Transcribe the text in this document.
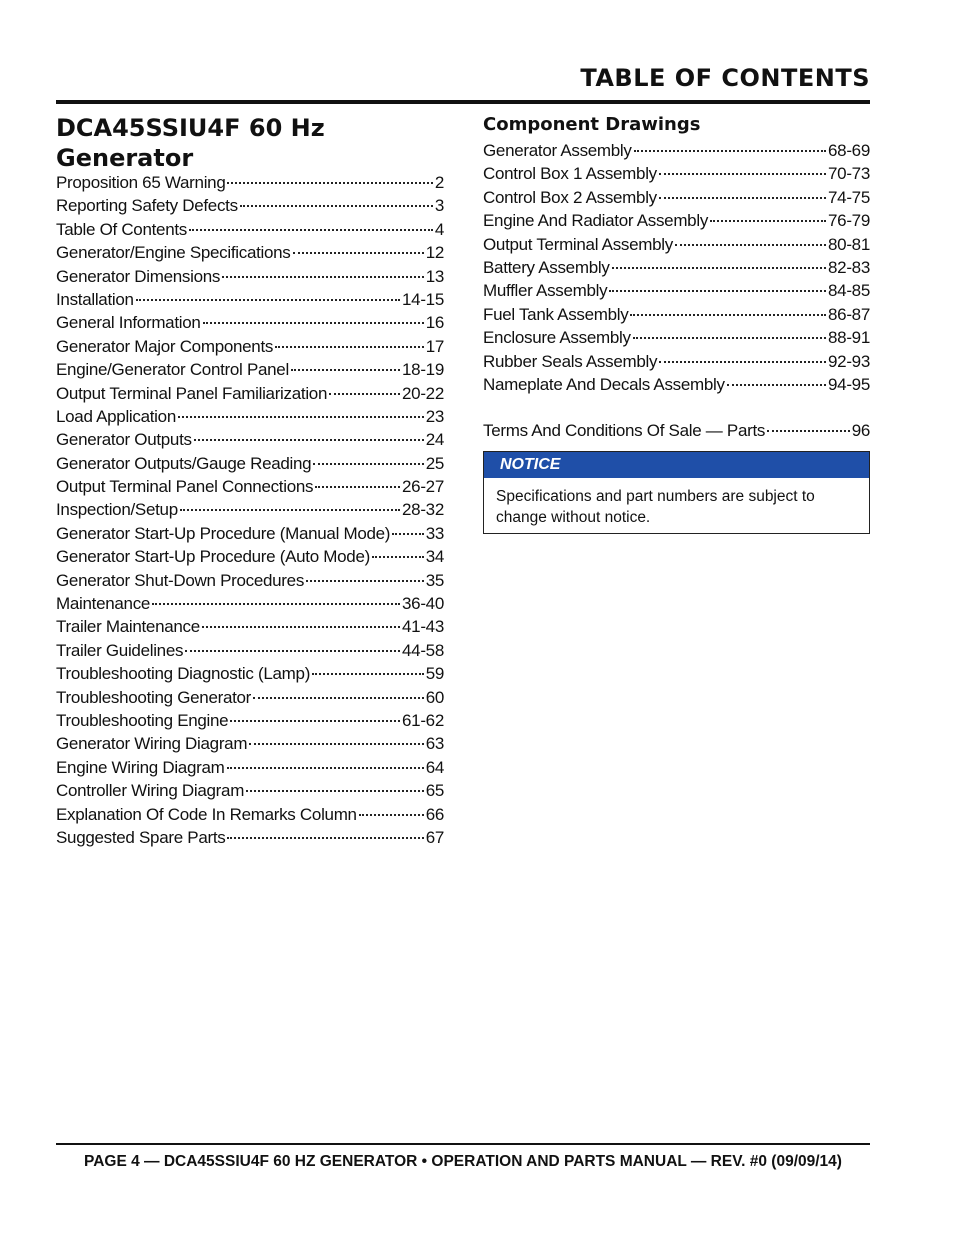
TABLE OF CONTENTS
DCA45SSIU4F 60 Hz
Generator
Proposition 65 Warning	2
Reporting Safety Defects	3
Table Of Contents	4
Generator/Engine Specifications	12
Generator Dimensions	13
Installation	14-15
General Information	16
Generator Major Components	17
Engine/Generator Control Panel	18-19
Output Terminal Panel Familiarization	20-22
Load Application	23
Generator Outputs	24
Generator Outputs/Gauge Reading	25
Output Terminal Panel Connections	26-27
Inspection/Setup	28-32
Generator Start-Up Procedure (Manual Mode) 33
Generator Start-Up Procedure (Auto Mode)	34
Generator Shut-Down Procedures	35
Maintenance	36-40
Trailer Maintenance	41-43
Trailer Guidelines	44-58
Troubleshooting Diagnostic (Lamp)	59
Troubleshooting Generator	60
Troubleshooting Engine	61-62
Generator Wiring Diagram	63
Engine Wiring Diagram	64
Controller Wiring Diagram	65
Explanation Of Code In Remarks Column	66
Suggested Spare Parts	67
Component Drawings
Generator Assembly	68-69
Control Box 1 Assembly	70-73
Control Box 2 Assembly	74-75
Engine And Radiator Assembly	76-79
Output Terminal Assembly	80-81
Battery Assembly	82-83
Muffler Assembly	84-85
Fuel Tank Assembly	86-87
Enclosure Assembly	88-91
Rubber Seals Assembly	92-93
Nameplate And Decals Assembly	94-95
Terms And Conditions Of Sale — Parts	96
NOTICE
Specifications and part numbers are subject to change without notice.
PAGE 4 — DCA45SSIU4F 60 HZ GENERATOR • OPERATION AND PARTS MANUAL — REV. #0 (09/09/14)
